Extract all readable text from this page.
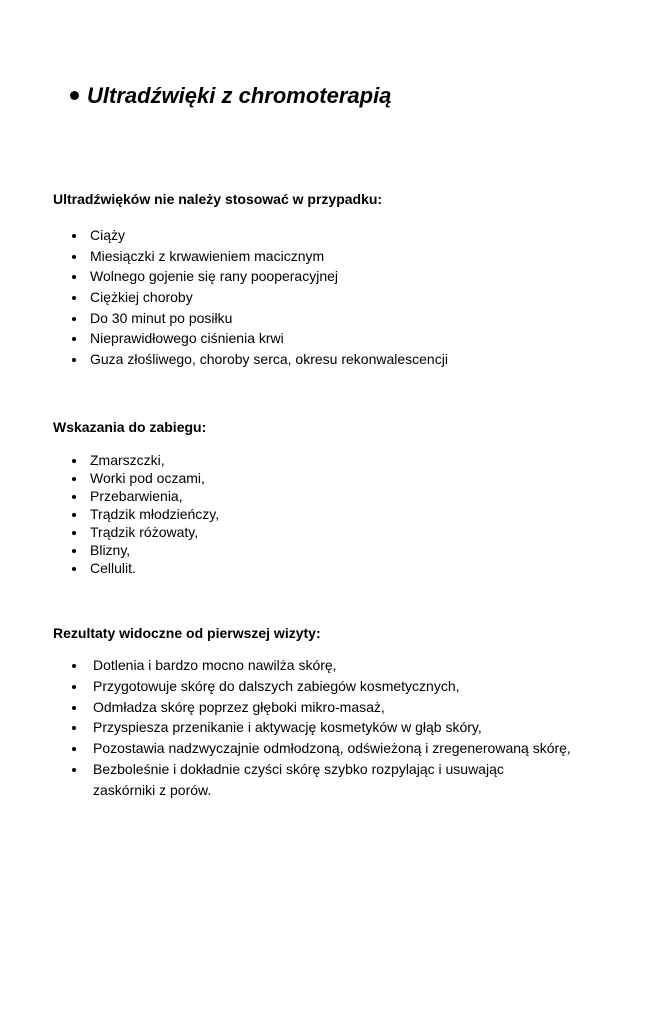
Ultradźwięki z chromoterapią
Ultradźwięków nie należy stosować w przypadku:
Ciąży
Miesiączki z krwawieniem macicznym
Wolnego gojenie się rany pooperacyjnej
Ciężkiej choroby
Do 30 minut po posiłku
Nieprawidłowego ciśnienia krwi
Guza złośliwego, choroby serca, okresu rekonwalescencji
Wskazania do zabiegu:
Zmarszczki,
Worki pod oczami,
Przebarwienia,
Trądzik młodzieńczy,
Trądzik różowaty,
Blizny,
Cellulit.
Rezultaty widoczne od pierwszej wizyty:
Dotlenia i bardzo mocno nawilża skórę,
Przygotowuje skórę do dalszych zabiegów kosmetycznych,
Odmładza skórę poprzez głęboki mikro-masaż,
Przyspiesza przenikanie i aktywację kosmetyków w głąb skóry,
Pozostawia nadzwyczajnie odmłodzoną, odświeżoną i zregenerowaną skórę,
Bezboleśnie i dokładnie czyści skórę szybko rozpylając i usuwając zaskórniki z porów.
